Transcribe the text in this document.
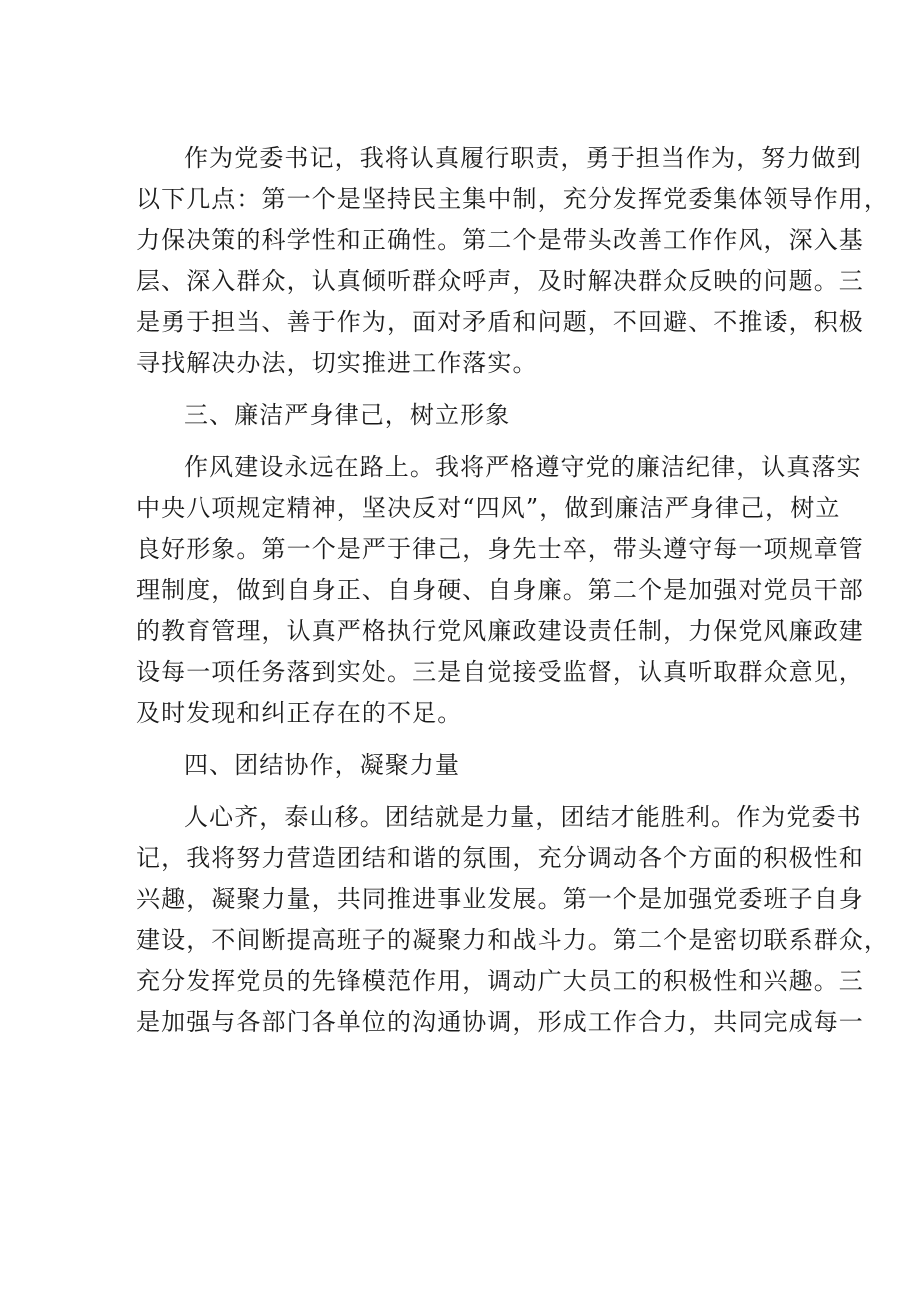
作为党委书记，我将认真履行职责，勇于担当作为，努力做到
以下几点：第一个是坚持民主集中制，充分发挥党委集体领导作用，
力保决策的科学性和正确性。第二个是带头改善工作作风，深入基
层、深入群众，认真倾听群众呼声，及时解决群众反映的问题。三
是勇于担当、善于作为，面对矛盾和问题，不回避、不推诿，积极
寻找解决办法，切实推进工作落实。
三、廉洁严身律己，树立形象
作风建设永远在路上。我将严格遵守党的廉洁纪律，认真落实
中央八项规定精神，坚决反对“四风”，做到廉洁严身律己，树立
良好形象。第一个是严于律己，身先士卒，带头遵守每一项规章管
理制度，做到自身正、自身硬、自身廉。第二个是加强对党员干部
的教育管理，认真严格执行党风廉政建设责任制，力保党风廉政建
设每一项任务落到实处。三是自觉接受监督，认真听取群众意见，
及时发现和纠正存在的不足。
四、团结协作，凝聚力量
人心齐，泰山移。团结就是力量，团结才能胜利。作为党委书
记，我将努力营造团结和谐的氛围，充分调动各个方面的积极性和
兴趣，凝聚力量，共同推进事业发展。第一个是加强党委班子自身
建设，不间断提高班子的凝聚力和战斗力。第二个是密切联系群众，
充分发挥党员的先锋模范作用，调动广大员工的积极性和兴趣。三
是加强与各部门各单位的沟通协调，形成工作合力，共同完成每一
